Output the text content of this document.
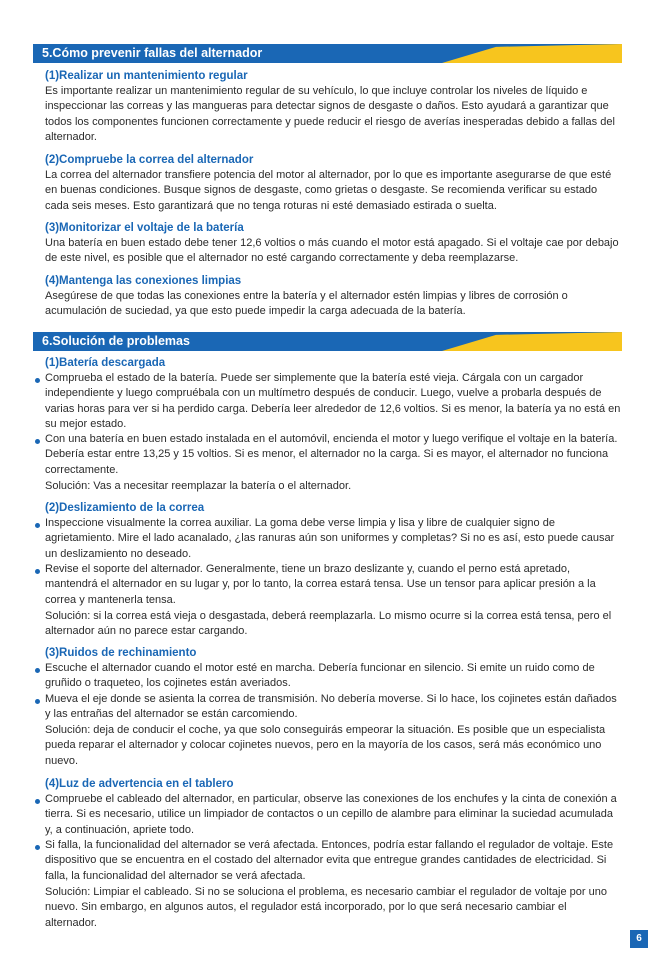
5.Cómo prevenir fallas del alternador
(1)Realizar un mantenimiento regular

Es importante realizar un mantenimiento regular de su vehículo, lo que incluye controlar los niveles de líquido e inspeccionar las correas y las mangueras para detectar signos de desgaste o daños. Esto ayudará a garantizar que todos los componentes funcionen correctamente y puede reducir el riesgo de averías inesperadas debido a fallas del alternador.

(2)Compruebe la correa del alternador

La correa del alternador transfiere potencia del motor al alternador, por lo que es importante asegurarse de que esté en buenas condiciones. Busque signos de desgaste, como grietas o desgaste. Se recomienda verificar su estado cada seis meses. Esto garantizará que no tenga roturas ni esté demasiado estirada o suelta.

(3)Monitorizar el voltaje de la batería

Una batería en buen estado debe tener 12,6 voltios o más cuando el motor está apagado. Si el voltaje cae por debajo de este nivel, es posible que el alternador no esté cargando correctamente y deba reemplazarse.

(4)Mantenga las conexiones limpias

Asegúrese de que todas las conexiones entre la batería y el alternador estén limpias y libres de corrosión o acumulación de suciedad, ya que esto puede impedir la carga adecuada de la batería.

6.Solución de problemas
(1)Batería descargada
Comprueba el estado de la batería. Puede ser simplemente que la batería esté vieja. Cárgala con un cargador independiente y luego compruébala con un multímetro después de conducir. Luego, vuelve a probarla después de varias horas para ver si ha perdido carga. Debería leer alrededor de 12,6 voltios. Si es menor, la batería ya no está en su mejor estado.
Con una batería en buen estado instalada en el automóvil, encienda el motor y luego verifique el voltaje en la batería. Debería estar entre 13,25 y 15 voltios. Si es menor, el alternador no la carga. Si es mayor, el alternador no funciona correctamente.
Solución: Vas a necesitar reemplazar la batería o el alternador.
(2)Deslizamiento de la correa
Inspeccione visualmente la correa auxiliar. La goma debe verse limpia y lisa y libre de cualquier signo de agrietamiento. Mire el lado acanalado, ¿las ranuras aún son uniformes y completas? Si no es así, esto puede causar un deslizamiento no deseado.
Revise el soporte del alternador. Generalmente, tiene un brazo deslizante y, cuando el perno está apretado, mantendrá el alternador en su lugar y, por lo tanto, la correa estará tensa. Use un tensor para aplicar presión a la correa y mantenerla tensa.
Solución: si la correa está vieja o desgastada, deberá reemplazarla. Lo mismo ocurre si la correa está tensa, pero el alternador aún no parece estar cargando.
(3)Ruidos de rechinamiento
Escuche el alternador cuando el motor esté en marcha. Debería funcionar en silencio. Si emite un ruido como de gruñido o traqueteo, los cojinetes están averiados.
Mueva el eje donde se asienta la correa de transmisión. No debería moverse. Si lo hace, los cojinetes están dañados y las entrañas del alternador se están carcomiendo.
Solución: deja de conducir el coche, ya que solo conseguirás empeorar la situación. Es posible que un especialista pueda reparar el alternador y colocar cojinetes nuevos, pero en la mayoría de los casos, será más económico uno nuevo.
(4)Luz de advertencia en el tablero
Compruebe el cableado del alternador, en particular, observe las conexiones de los enchufes y la cinta de conexión a tierra. Si es necesario, utilice un limpiador de contactos o un cepillo de alambre para eliminar la suciedad acumulada y, a continuación, apriete todo.
Si falla, la funcionalidad del alternador se verá afectada. Entonces, podría estar fallando el regulador de voltaje. Este dispositivo que se encuentra en el costado del alternador evita que entregue grandes cantidades de electricidad. Si falla, la funcionalidad del alternador se verá afectada.
Solución: Limpiar el cableado. Si no se soluciona el problema, es necesario cambiar el regulador de voltaje por uno nuevo. Sin embargo, en algunos autos, el regulador está incorporado, por lo que será necesario cambiar el alternador.
6
